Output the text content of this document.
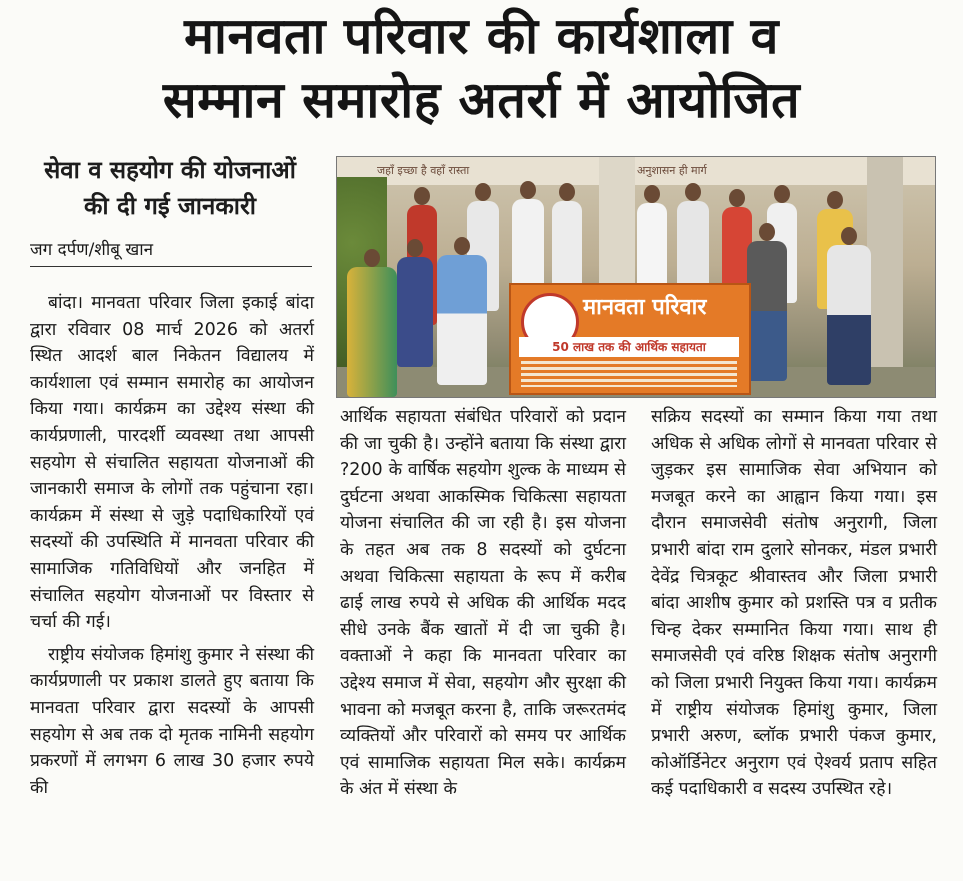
मानवता परिवार की कार्यशाला व
सम्मान समारोह अतर्रा में आयोजित
सेवा व सहयोग की योजनाओं
की दी गई जानकारी
जग दर्पण/शीबू खान
जहाँ इच्छा है वहाँ रास्ता	अनुशासन ही मार्ग
मानवता परिवार
50 लाख तक की आर्थिक सहायता

बांदा। मानवता परिवार जिला इकाई बांदा द्वारा रविवार 08 मार्च 2026 को अतर्रा स्थित आदर्श बाल निकेतन विद्यालय में कार्यशाला एवं सम्मान समारोह का आयोजन किया गया। कार्यक्रम का उद्देश्य संस्था की कार्यप्रणाली, पारदर्शी व्यवस्था तथा आपसी सहयोग से संचालित सहायता योजनाओं की जानकारी समाज के लोगों तक पहुंचाना रहा। कार्यक्रम में संस्था से जुड़े पदाधिकारियों एवं सदस्यों की उपस्थिति में मानवता परिवार की सामाजिक गतिविधियों और जनहित में संचालित सहयोग योजनाओं पर विस्तार से चर्चा की गई।

राष्ट्रीय संयोजक हिमांशु कुमार ने संस्था की कार्यप्रणाली पर प्रकाश डालते हुए बताया कि मानवता परिवार द्वारा सदस्यों के आपसी सहयोग से अब तक दो मृतक नामिनी सहयोग प्रकरणों में लगभग 6 लाख 30 हजार रुपये की

आर्थिक सहायता संबंधित परिवारों को प्रदान की जा चुकी है। उन्होंने बताया कि संस्था द्वारा ?200 के वार्षिक सहयोग शुल्क के माध्यम से दुर्घटना अथवा आकस्मिक चिकित्सा सहायता योजना संचालित की जा रही है। इस योजना के तहत अब तक 8 सदस्यों को दुर्घटना अथवा चिकित्सा सहायता के रूप में करीब ढाई लाख रुपये से अधिक की आर्थिक मदद सीधे उनके बैंक खातों में दी जा चुकी है। वक्ताओं ने कहा कि मानवता परिवार का उद्देश्य समाज में सेवा, सहयोग और सुरक्षा की भावना को मजबूत करना है, ताकि जरूरतमंद व्यक्तियों और परिवारों को समय पर आर्थिक एवं सामाजिक सहायता मिल सके। कार्यक्रम के अंत में संस्था के

सक्रिय सदस्यों का सम्मान किया गया तथा अधिक से अधिक लोगों से मानवता परिवार से जुड़कर इस सामाजिक सेवा अभियान को मजबूत करने का आह्वान किया गया। इस दौरान समाजसेवी संतोष अनुरागी, जिला प्रभारी बांदा राम दुलारे सोनकर, मंडल प्रभारी देवेंद्र चित्रकूट श्रीवास्तव और जिला प्रभारी बांदा आशीष कुमार को प्रशस्ति पत्र व प्रतीक चिन्ह देकर सम्मानित किया गया। साथ ही समाजसेवी एवं वरिष्ठ शिक्षक संतोष अनुरागी को जिला प्रभारी नियुक्त किया गया। कार्यक्रम में राष्ट्रीय संयोजक हिमांशु कुमार, जिला प्रभारी अरुण, ब्लॉक प्रभारी पंकज कुमार, कोऑर्डिनेटर अनुराग एवं ऐश्वर्य प्रताप सहित कई पदाधिकारी व सदस्य उपस्थित रहे।
